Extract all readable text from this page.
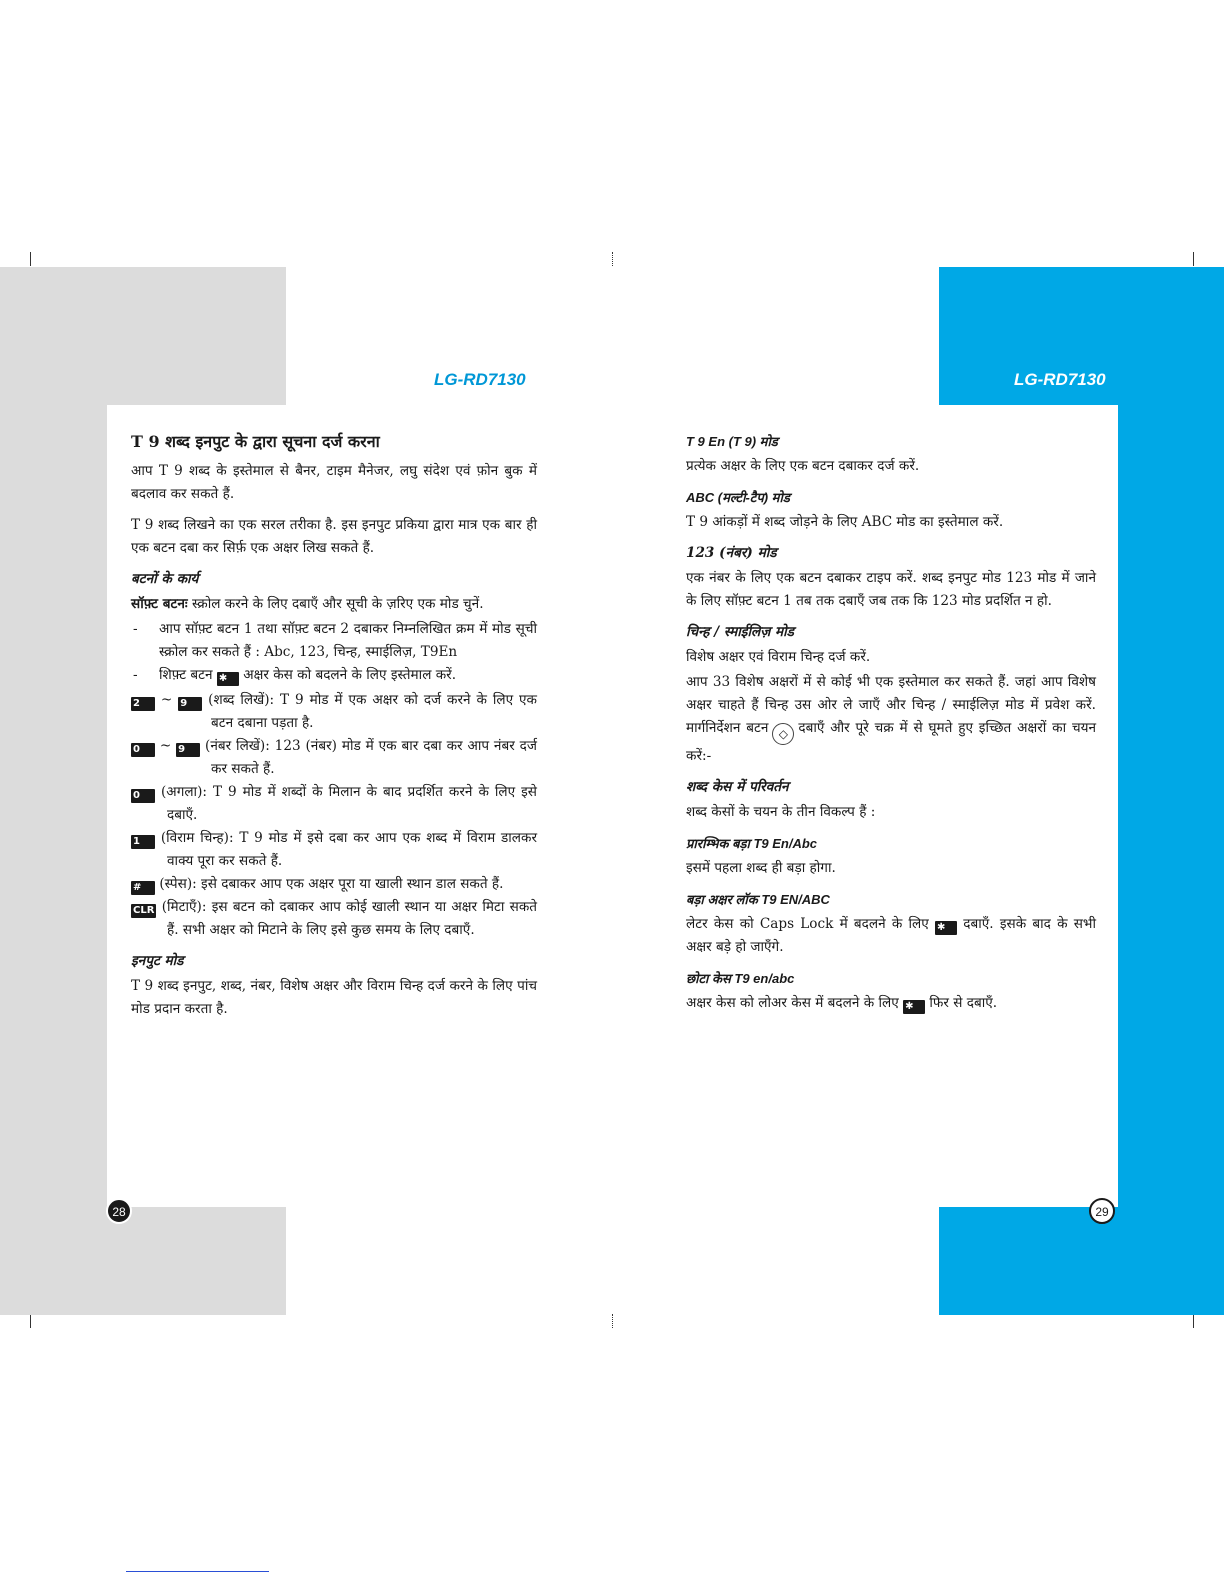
LG-RD7130	LG-RD7130
T 9 शब्द इनपुट के द्वारा सूचना दर्ज करना

आप T 9 शब्द के इस्तेमाल से बैनर, टाइम मैनेजर, लघु संदेश एवं फ़ोन बुक में बदलाव कर सकते हैं.

T 9 शब्द लिखने का एक सरल तरीका है. इस इनपुट प्रकिया द्वारा मात्र एक बार ही एक बटन दबा कर सिर्फ़ एक अक्षर लिख सकते हैं.

बटनों के कार्य

सॉफ़्ट बटनः स्क्रोल करने के लिए दबाएँ और सूची के ज़रिए एक मोड चुनें.

- आप सॉफ़्ट बटन 1 तथा सॉफ़्ट बटन 2 दबाकर निम्नलिखित क्रम में मोड सूची स्क्रोल कर सकते हैं : Abc, 123, चिन्ह, स्माईलिज़, T9En
- शिफ़्ट बटन ✱ अक्षर केस को बदलने के लिए इस्तेमाल करें.
2 ~ 9 (शब्द लिखें): T 9 मोड में एक अक्षर को दर्ज करने के लिए एक बटन दबाना पड़ता है.
0 ~ 9 (नंबर लिखें): 123 (नंबर) मोड में एक बार दबा कर आप नंबर दर्ज कर सकते हैं.
0 (अगला): T 9 मोड में शब्दों के मिलान के बाद प्रदर्शित करने के लिए इसे दबाएँ.
1 (विराम चिन्ह): T 9 मोड में इसे दबा कर आप एक शब्द में विराम डालकर वाक्य पूरा कर सकते हैं.
# (स्पेस): इसे दबाकर आप एक अक्षर पूरा या खाली स्थान डाल सकते हैं.
CLR (मिटाएँ): इस बटन को दबाकर आप कोई खाली स्थान या अक्षर मिटा सकते हैं. सभी अक्षर को मिटाने के लिए इसे कुछ समय के लिए दबाएँ.
इनपुट मोड

T 9 शब्द इनपुट, शब्द, नंबर, विशेष अक्षर और विराम चिन्ह दर्ज करने के लिए पांच मोड प्रदान करता है.

T 9 En (T 9) मोड

प्रत्येक अक्षर के लिए एक बटन दबाकर दर्ज करें.

ABC (मल्टी-टैप) मोड

T 9 आंकड़ों में शब्द जोड़ने के लिए ABC मोड का इस्तेमाल करें.

123 (नंबर) मोड

एक नंबर के लिए एक बटन दबाकर टाइप करें. शब्द इनपुट मोड 123 मोड में जाने के लिए सॉफ़्ट बटन 1 तब तक दबाएँ जब तक कि 123 मोड प्रदर्शित न हो.

चिन्ह / स्माईलिज़ मोड

विशेष अक्षर एवं विराम चिन्ह दर्ज करें.

आप 33 विशेष अक्षरों में से कोई भी एक इस्तेमाल कर सकते हैं. जहां आप विशेष अक्षर चाहते हैं चिन्ह उस ओर ले जाएँ और चिन्ह / स्माईलिज़ मोड में प्रवेश करें. मार्गनिर्देशन बटन ◇ दबाएँ और पूरे चक्र में से घूमते हुए इच्छित अक्षरों का चयन करें:-

शब्द केस में परिवर्तन

शब्द केसों के चयन के तीन विकल्प हैं :

प्रारम्भिक बड़ा T9 En/Abc

इसमें पहला शब्द ही बड़ा होगा.

बड़ा अक्षर लॉक T9 EN/ABC

लेटर केस को Caps Lock में बदलने के लिए ✱ दबाएँ. इसके बाद के सभी अक्षर बड़े हो जाएँगे.

छोटा केस T9 en/abc

अक्षर केस को लोअर केस में बदलने के लिए ✱ फिर से दबाएँ.

28	29
